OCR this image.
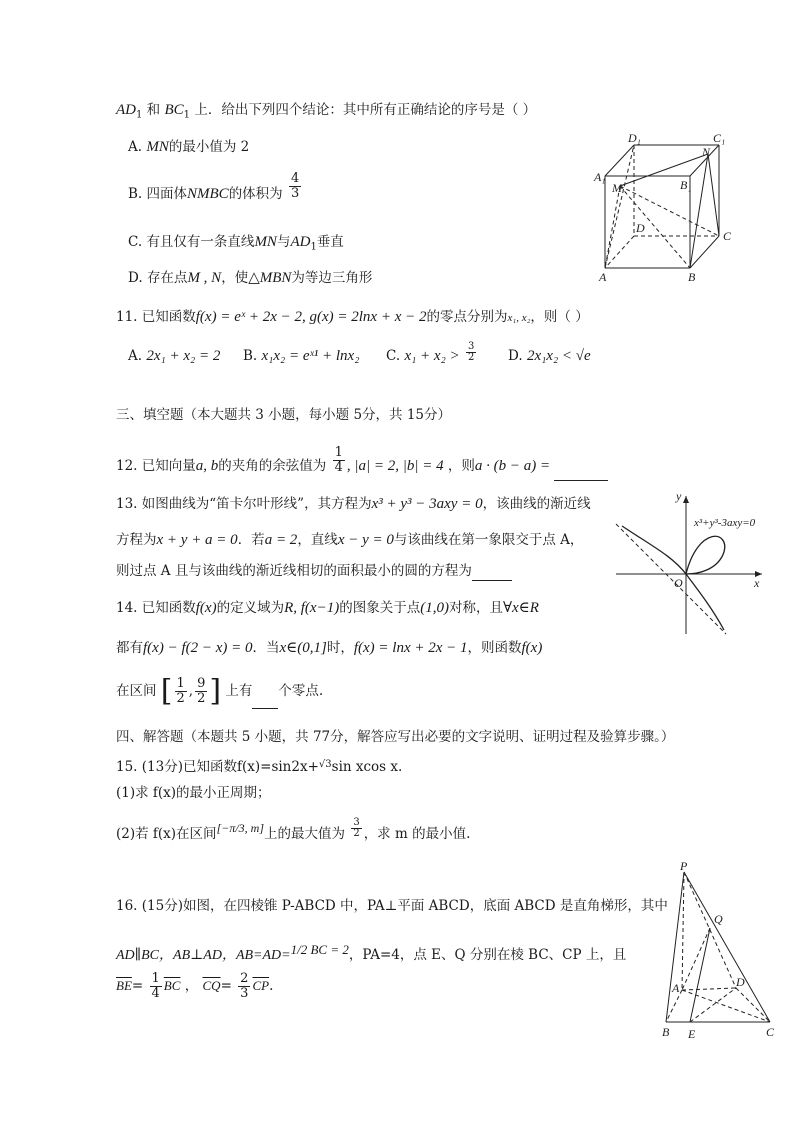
$AD_1$ 和 $BC_1$ 上．给出下列四个结论：其中所有正确结论的序号是（ ）
A. MN的最小值为 2
B. 四面体NMBC的体积为 $\frac{4}{3}$
C. 有且仅有一条直线MN与$AD_1$垂直
D. 存在点M , N，使△MBN为等边三角形
D₁	C₁
A₁
B₁
M
N
D
C
A	B
11. 已知函数f(x) = eˣ + 2x − 2, g(x) = 2lnx + x − 2的零点分别为x₁, x₂，则（ ）
A. 2x₁ + x₂ = 2 B. x₁x₂ = eˣ¹ + lnx₂ C. $x_1 + x_2 > \frac{3}{2} D$. 2x₁x₂ < √e
三、填空题（本大题共 3 小题，每小题 5分，共 15分）
12. 已知向量a, b的夹角的余弦值为 $\frac{1}{4}$ , |a| = 2, |b| = 4 ，则a · (b − a) =
13. 如图曲线为“笛卡尔叶形线”，其方程为x³ + y³ − 3axy = 0，该曲线的渐近线
方程为x + y + a = 0．若a = 2，直线x − y = 0与该曲线在第一象限交于点 A，
则过点 A 且与该曲线的渐近线相切的面积最小的圆的方程为
y
x
O
x³+y³-3axy=0
14. 已知函数f(x)的定义域为R, f(x−1)的图象关于点(1,0)对称，且∀x∈R
都有f(x) − f(2 − x) = 0．当x∈(0,1]时，f(x) = lnx + 2x − 1，则函数f(x)
在区间 [ $\frac{1}{2}$ , $\frac{9}{2}$ ] 上有 个零点.
四、解答题（本题共 5 小题，共 77分，解答应写出必要的文字说明、证明过程及验算步骤。）
15. (13分)已知函数f(x)=sin2x+$^{√3}$sin xcos x.
(1)求 f(x)的最小正周期；
(2)若 f(x)在区间[−π/3, m]上的最大值为 $\frac{3}{2}$ ，求 m 的最小值.
16. (15分)如图，在四棱锥 P-ABCD 中，PA⊥平面 ABCD，底面 ABCD 是直角梯形，其中
AD∥BC，AB⊥AD，AB=AD=1/2 BC = 2，PA=4，点 E、Q 分别在棱 BC、CP 上，且
$\overline{BE}= \frac{1}{4} \overline{BC}$ ， $\overline{CQ}= \frac{2}{3} \overline{CP}$.
P
Q
A	D
B E	C
